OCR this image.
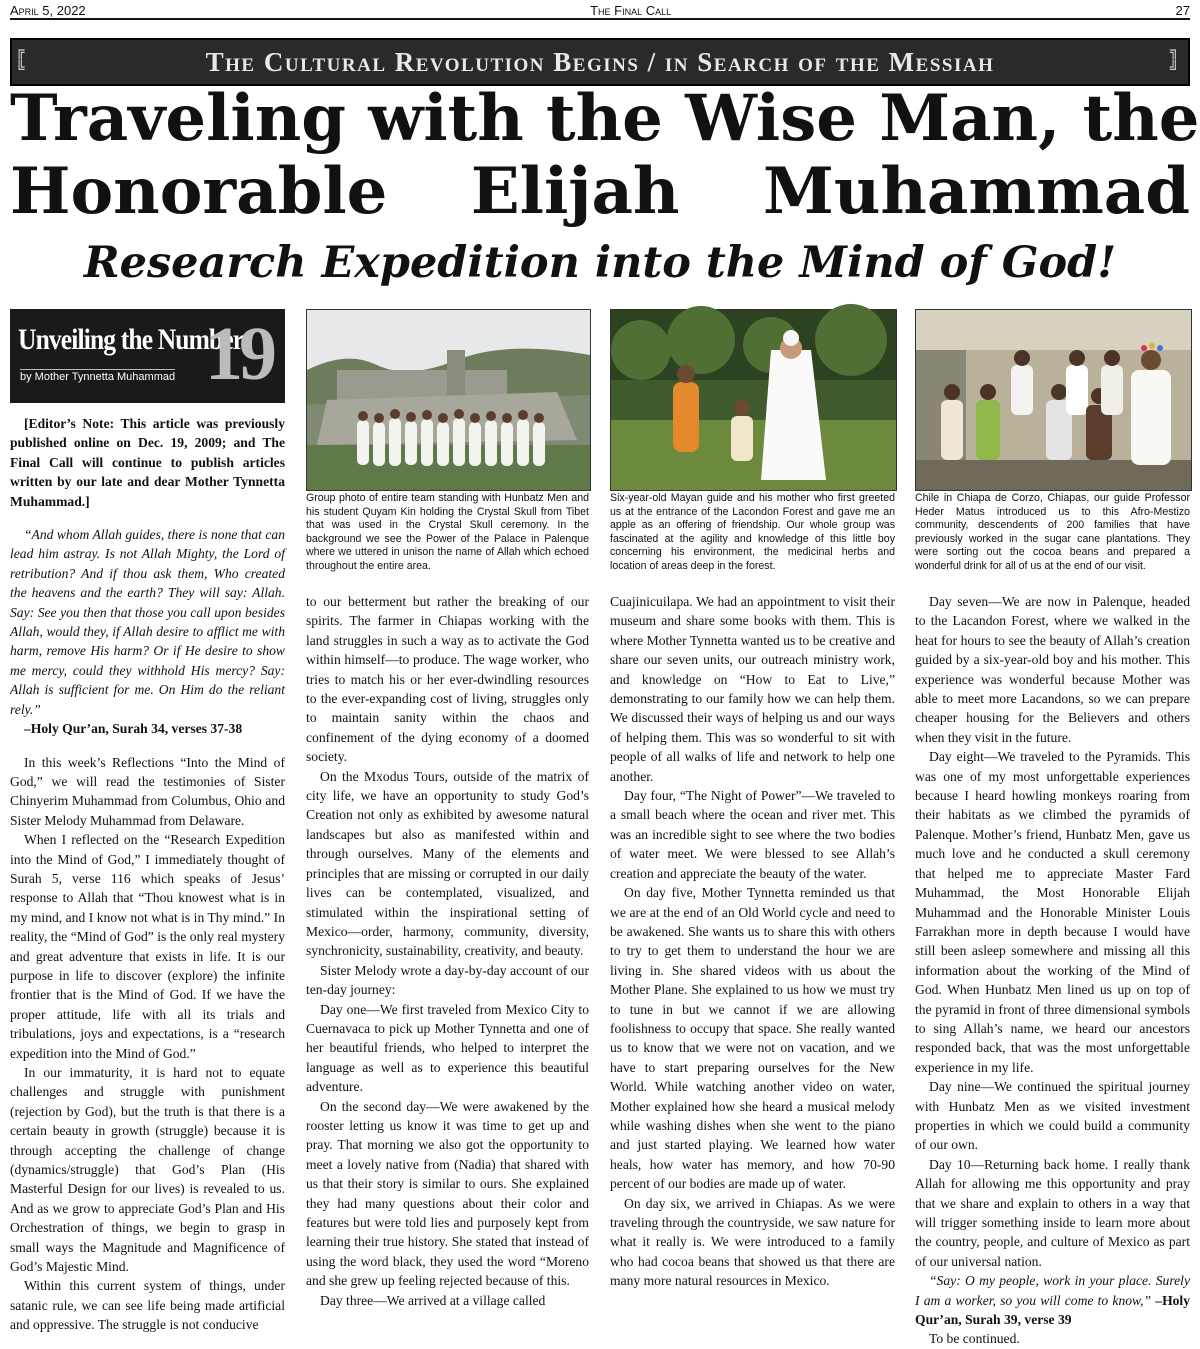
April 5, 2022	The Final Call	27
╔
╚	The Cultural Revolution Begins / in Search of the Messiah	╗
╝
Traveling with the Wise Man, the
Honorable Elijah Muhammad
Research Expedition into the Mind of God!
Unveiling the Number
by Mother Tynnetta Muhammad 19

[Editor’s Note: This article was previously published online on Dec. 19, 2009; and The Final Call will continue to publish articles written by our late and dear Mother Tynnetta Muhammad.]

“And whom Allah guides, there is none that can lead him astray. Is not Allah Mighty, the Lord of retribution? And if thou ask them, Who created the heavens and the earth? They will say: Allah. Say: See you then that those you call upon besides Allah, would they, if Allah desire to afflict me with harm, remove His harm? Or if He desire to show me mercy, could they withhold His mercy? Say: Allah is sufficient for me. On Him do the reliant rely.”

–Holy Qur’an, Surah 34, verses 37-38

In this week’s Reflections “Into the Mind of God,” we will read the testimonies of Sister Chinyerim Muhammad from Columbus, Ohio and Sister Melody Muhammad from Delaware.

When I reflected on the “Research Expedition into the Mind of God,” I immediately thought of Surah 5, verse 116 which speaks of Jesus’ response to Allah that “Thou knowest what is in my mind, and I know not what is in Thy mind.” In reality, the “Mind of God” is the only real mystery and great adventure that exists in life. It is our purpose in life to discover (explore) the infinite frontier that is the Mind of God. If we have the proper attitude, life with all its trials and tribulations, joys and expectations, is a “research expedition into the Mind of God.”

In our immaturity, it is hard not to equate challenges and struggle with punishment (rejection by God), but the truth is that there is a certain beauty in growth (struggle) because it is through accepting the challenge of change (dynamics/struggle) that God’s Plan (His Masterful Design for our lives) is revealed to us. And as we grow to appreciate God’s Plan and His Orchestration of things, we begin to grasp in small ways the Magnitude and Magnificence of God’s Majestic Mind.

Within this current system of things, under satanic rule, we can see life being made artificial and oppressive. The struggle is not conducive

Group photo of entire team standing with Hunbatz Men and his student Quyam Kin holding the Crystal Skull from Tibet that was used in the Crystal Skull ceremony. In the background we see the Power of the Palace in Palenque where we uttered in unison the name of Allah which echoed throughout the entire area.
Six-year-old Mayan guide and his mother who first greeted us at the entrance of the Lacondon Forest and gave me an apple as an offering of friendship. Our whole group was fascinated at the agility and knowledge of this little boy concerning his environment, the medicinal herbs and location of areas deep in the forest.
Chile in Chiapa de Corzo, Chiapas, our guide Professor Heder Matus introduced us to this Afro-Mestizo community, descendents of 200 families that have previously worked in the sugar cane plantations. They were sorting out the cocoa beans and prepared a wonderful drink for all of us at the end of our visit.

to our betterment but rather the breaking of our spirits. The farmer in Chiapas working with the land struggles in such a way as to activate the God within himself—to produce. The wage worker, who tries to match his or her ever-dwindling resources to the ever-expanding cost of living, struggles only to maintain sanity within the chaos and confinement of the dying economy of a doomed society.

On the Mxodus Tours, outside of the matrix of city life, we have an opportunity to study God’s Creation not only as exhibited by awesome natural landscapes but also as manifested within and through ourselves. Many of the elements and principles that are missing or corrupted in our daily lives can be contemplated, visualized, and stimulated within the inspirational setting of Mexico—order, harmony, community, diversity, synchronicity, sustainability, creativity, and beauty.

Sister Melody wrote a day-by-day account of our ten-day journey:

Day one—We first traveled from Mexico City to Cuernavaca to pick up Mother Tynnetta and one of her beautiful friends, who helped to interpret the language as well as to experience this beautiful adventure.

On the second day—We were awakened by the rooster letting us know it was time to get up and pray. That morning we also got the opportunity to meet a lovely native from (Nadia) that shared with us that their story is similar to ours. She explained they had many questions about their color and features but were told lies and purposely kept from learning their true history. She stated that instead of using the word black, they used the word “Moreno and she grew up feeling rejected because of this.

Day three—We arrived at a village called

Cuajinicuilapa. We had an appointment to visit their museum and share some books with them. This is where Mother Tynnetta wanted us to be creative and share our seven units, our outreach ministry work, and knowledge on “How to Eat to Live,” demonstrating to our family how we can help them. We discussed their ways of helping us and our ways of helping them. This was so wonderful to sit with people of all walks of life and network to help one another.

Day four, “The Night of Power”—We traveled to a small beach where the ocean and river met. This was an incredible sight to see where the two bodies of water meet. We were blessed to see Allah’s creation and appreciate the beauty of the water.

On day five, Mother Tynnetta reminded us that we are at the end of an Old World cycle and need to be awakened. She wants us to share this with others to try to get them to understand the hour we are living in. She shared videos with us about the Mother Plane. She explained to us how we must try to tune in but we cannot if we are allowing foolishness to occupy that space. She really wanted us to know that we were not on vacation, and we have to start preparing ourselves for the New World. While watching another video on water, Mother explained how she heard a musical melody while washing dishes when she went to the piano and just started playing. We learned how water heals, how water has memory, and how 70-90 percent of our bodies are made up of water.

On day six, we arrived in Chiapas. As we were traveling through the countryside, we saw nature for what it really is. We were introduced to a family who had cocoa beans that showed us that there are many more natural resources in Mexico.

Day seven—We are now in Palenque, headed to the Lacandon Forest, where we walked in the heat for hours to see the beauty of Allah’s creation guided by a six-year-old boy and his mother. This experience was wonderful because Mother was able to meet more Lacandons, so we can prepare cheaper housing for the Believers and others when they visit in the future.

Day eight—We traveled to the Pyramids. This was one of my most unforgettable experiences because I heard howling monkeys roaring from their habitats as we climbed the pyramids of Palenque. Mother’s friend, Hunbatz Men, gave us much love and he conducted a skull ceremony that helped me to appreciate Master Fard Muhammad, the Most Honorable Elijah Muhammad and the Honorable Minister Louis Farrakhan more in depth because I would have still been asleep somewhere and missing all this information about the working of the Mind of God. When Hunbatz Men lined us up on top of the pyramid in front of three dimensional symbols to sing Allah’s name, we heard our ancestors responded back, that was the most unforgettable experience in my life.

Day nine—We continued the spiritual journey with Hunbatz Men as we visited investment properties in which we could build a community of our own.

Day 10—Returning back home. I really thank Allah for allowing me this opportunity and pray that we share and explain to others in a way that will trigger something inside to learn more about the country, people, and culture of Mexico as part of our universal nation.

“Say: O my people, work in your place. Surely I am a worker, so you will come to know,” –Holy Qur’an, Surah 39, verse 39

To be continued.
